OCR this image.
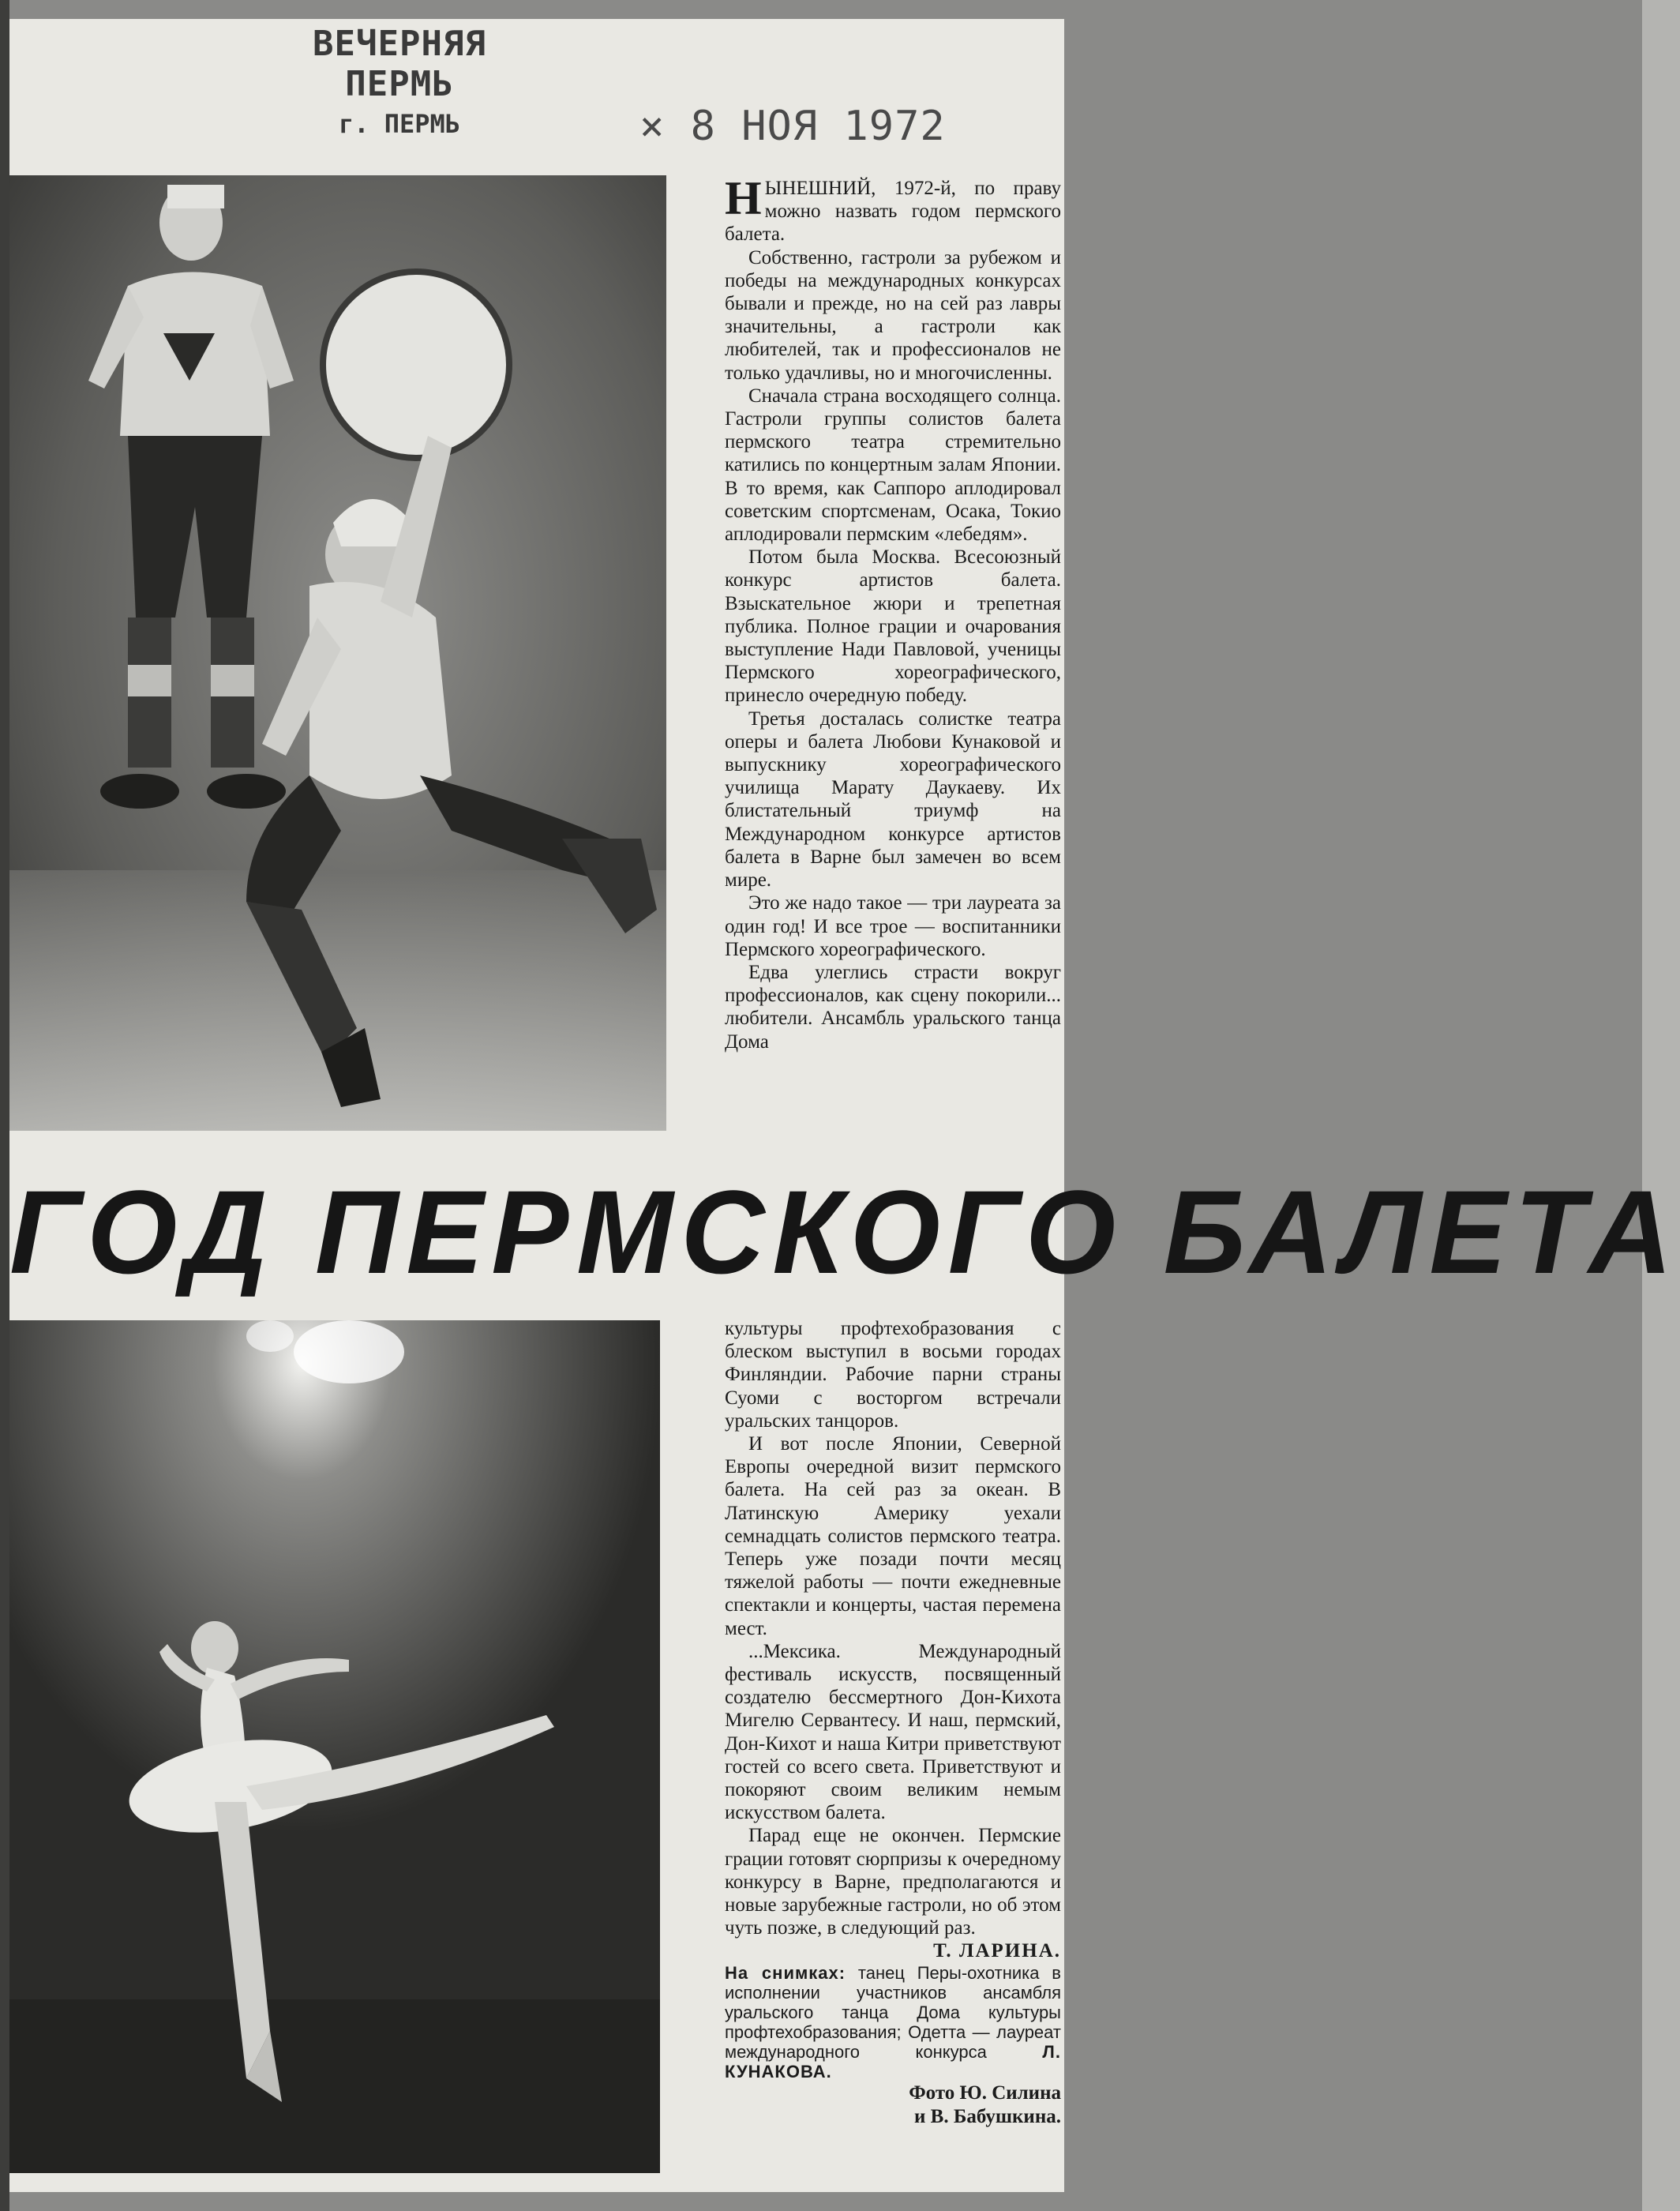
ВЕЧЕРНЯЯ ПЕРМЬ
г. ПЕРМЬ	× 8 НОЯ 1972
ГОД ПЕРМСКОГО БАЛЕТА

НЫНЕШНИЙ, 1972-й, по праву можно назвать годом пермского балета.

Собственно, гастроли за рубежом и победы на международных конкурсах бывали и прежде, но на сей раз лавры значительны, а гастроли как любителей, так и профессионалов не только удачливы, но и многочисленны.

Сначала страна восходящего солнца. Гастроли группы солистов балета пермского театра стремительно катились по концертным залам Японии. В то время, как Саппоро аплодировал советским спортсменам, Осака, Токио аплодировали пермским «лебедям».

Потом была Москва. Всесоюзный конкурс артистов балета. Взыскательное жюри и трепетная публика. Полное грации и очарования выступление Нади Павловой, ученицы Пермского хореографического, принесло очередную победу.

Третья досталась солистке театра оперы и балета Любови Кунаковой и выпускнику хореографического училища Марату Даукаеву. Их блистательный триумф на Международном конкурсе артистов балета в Варне был замечен во всем мире.

Это же надо такое — три лауреата за один год! И все трое — воспитанники Пермского хореографического.

Едва улеглись страсти вокруг профессионалов, как сцену покорили... любители. Ансамбль уральского танца Дома

культуры профтехобразования с блеском выступил в восьми городах Финляндии. Рабочие парни страны Суоми с восторгом встречали уральских танцоров.

И вот после Японии, Северной Европы очередной визит пермского балета. На сей раз за океан. В Латинскую Америку уехали семнадцать солистов пермского театра. Теперь уже позади почти месяц тяжелой работы — почти ежедневные спектакли и концерты, частая перемена мест.

...Мексика. Международный фестиваль искусств, посвященный создателю бессмертного Дон-Кихота Мигелю Сервантесу. И наш, пермский, Дон-Кихот и наша Китри приветствуют гостей со всего света. Приветствуют и покоряют своим великим немым искусством балета.

Парад еще не окончен. Пермские грации готовят сюрпризы к очередному конкурсу в Варне, предполагаются и новые зарубежные гастроли, но об этом чуть позже, в следующий раз.

Т. ЛАРИНА.

На снимках: танец Перы-охотника в исполнении участников ансамбля уральского танца Дома культуры профтехобразования; Одетта — лауреат международного конкурса	Л. КУНАКОВА.

Фото Ю. Силина
и В. Бабушкина.
